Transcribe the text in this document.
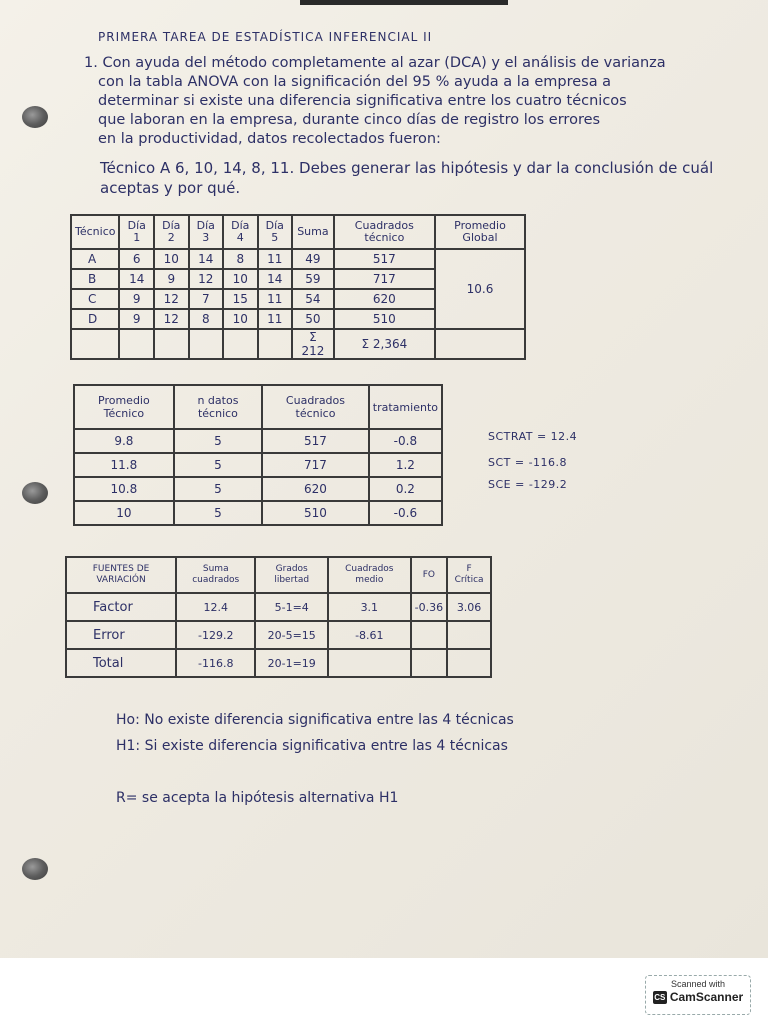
PRIMERA TAREA DE ESTADÍSTICA INFERENCIAL II
1. Con ayuda del método completamente al azar (DCA) y el análisis de varianza
con la tabla ANOVA con la significación del 95 % ayuda a la empresa a
determinar si existe una diferencia significativa entre los cuatro técnicos
que laboran en la empresa, durante cinco días de registro los errores
en la productividad, datos recolectados fueron:
Técnico A 6, 10, 14, 8, 11. Debes generar las hipótesis y dar la conclusión de cuál aceptas y por qué.
Técnico	Día 1	Día 2	Día 3	Día 4	Día 5	Suma	Cuadrados técnico	Promedio Global
A	6	10	14	8	11	49	517	10.6
B	14	9	12	10	14	59	717	
C	9	12	7	15	11	54	620	
D	9	12	8	10	11	50	510	
						Σ 212	Σ 2,364	
Promedio Técnico	n datos técnico	Cuadrados técnico	tratamiento
9.8	5	517	-0.8
11.8	5	717	1.2
10.8	5	620	0.2
10	5	510	-0.6
SCTRAT = 12.4
SCT = -116.8
SCE = -129.2
FUENTES DE VARIACIÓN	Suma cuadrados	Grados libertad	Cuadrados medio	FO	F Crítica
Factor	12.4	5-1=4	3.1	-0.36	3.06
Error	-129.2	20-5=15	-8.61		
Total	-116.8	20-1=19			
Ho: No existe diferencia significativa entre las 4 técnicas
H1: Si existe diferencia significativa entre las 4 técnicas
R= se acepta la hipótesis alternativa H1
Scanned with
CS CamScanner
